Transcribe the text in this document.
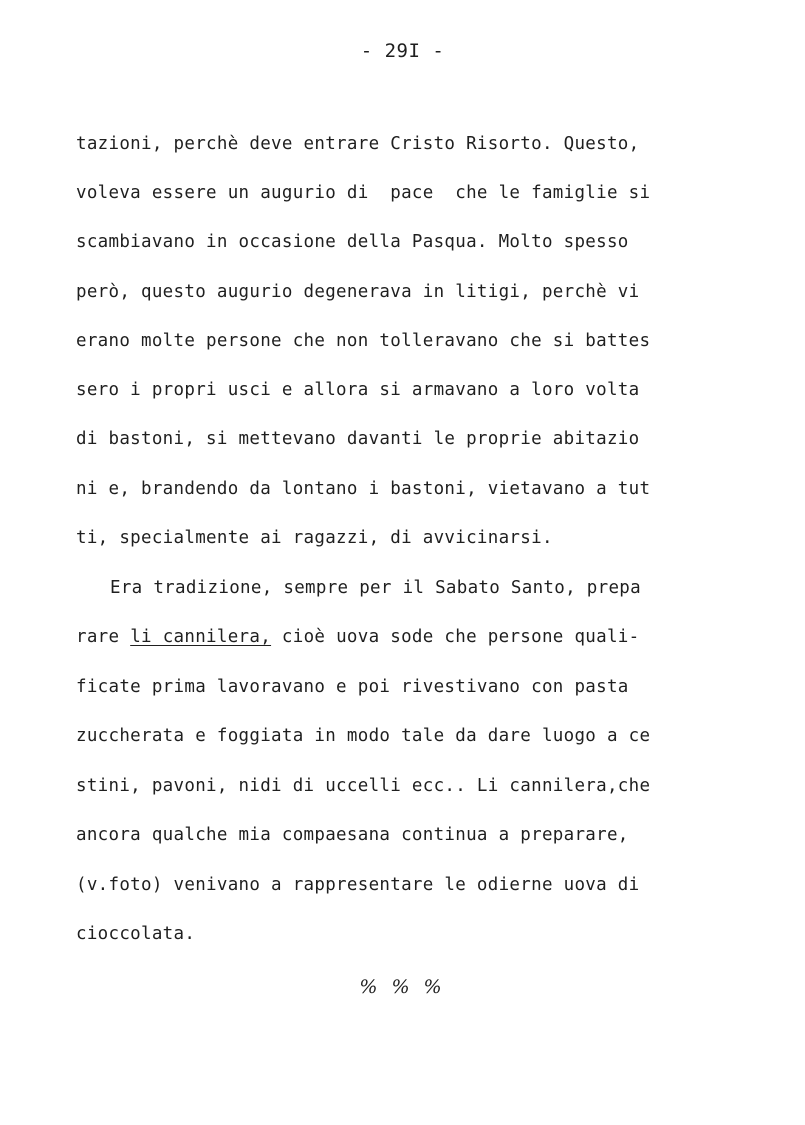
- 29I -
tazioni, perchè deve entrare Cristo Risorto. Questo,
voleva essere un augurio di  pace  che le famiglie si
scambiavano in occasione della Pasqua. Molto spesso
però, questo augurio degenerava in litigi, perchè vi
erano molte persone che non tolleravano che si battes
sero i propri usci e allora si armavano a loro volta
di bastoni, si mettevano davanti le proprie abitazio
ni e, brandendo da lontano i bastoni, vietavano a tut
ti, specialmente ai ragazzi, di avvicinarsi.
Era tradizione, sempre per il Sabato Santo, prepa
rare li cannilera, cioè uova sode che persone quali-
ficate prima lavoravano e poi rivestivano con pasta
zuccherata e foggiata in modo tale da dare luogo a ce
stini, pavoni, nidi di uccelli ecc.. Li cannilera,che
ancora qualche mia compaesana continua a preparare,
(v.foto) venivano a rappresentare le odierne uova di
cioccolata.
% % %
